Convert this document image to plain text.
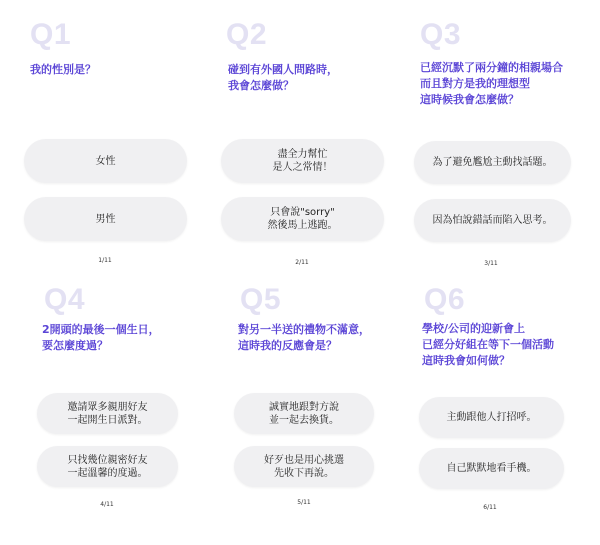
Q1
我的性別是？
女性
男性
1/11
Q2
碰到有外國人問路時，
我會怎麼做？
盡全力幫忙
是人之常情！
只會說"sorry"
然後馬上逃跑。
2/11
Q3
已經沉默了兩分鐘的相親場合
而且對方是我的理想型
這時候我會怎麼做？
為了避免尷尬主動找話題。
因為怕說錯話而陷入思考。
3/11
Q4
2開頭的最後一個生日，
要怎麼度過？
邀請眾多親朋好友
一起開生日派對。
只找幾位親密好友
一起溫馨的度過。
4/11
Q5
對另一半送的禮物不滿意，
這時我的反應會是？
誠實地跟對方說
並一起去換貨。
好歹也是用心挑選
先收下再說。
5/11
Q6
學校/公司的迎新會上
已經分好組在等下一個活動
這時我會如何做？
主動跟他人打招呼。
自己默默地看手機。
6/11
